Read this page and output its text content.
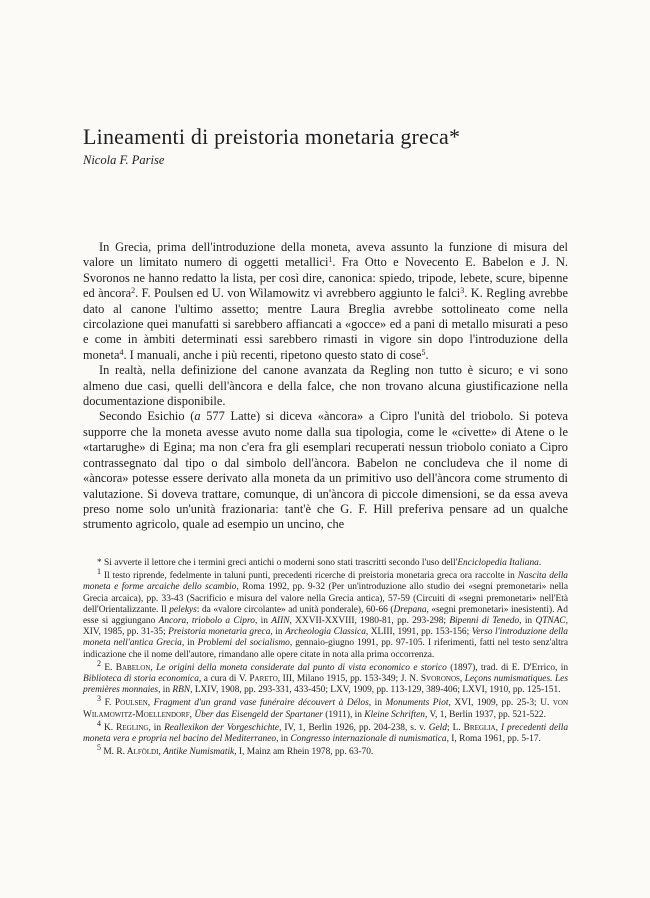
Lineamenti di preistoria monetaria greca*
Nicola F. Parise

In Grecia, prima dell'introduzione della moneta, aveva assunto la funzione di misura del valore un limitato numero di oggetti metallici$^1$. Fra Otto e Novecento E. Babelon e J. N. Svoronos ne hanno redatto la lista, per così dire, canonica: spiedo, tripode, lebete, scure, bipenne ed àncora$^2$. F. Poulsen ed U. von Wilamowitz vi avrebbero aggiunto le falci$^3$. K. Regling avrebbe dato al canone l'ultimo assetto; mentre Laura Breglia avrebbe sottolineato come nella circolazione quei manufatti si sarebbero affiancati a «gocce» ed a pani di metallo misurati a peso e come in àmbiti determinati essi sarebbero rimasti in vigore sin dopo l'introduzione della moneta$^4$. I manuali, anche i più recenti, ripetono questo stato di cose$^5$.

In realtà, nella definizione del canone avanzata da Regling non tutto è sicuro; e vi sono almeno due casi, quelli dell'àncora e della falce, che non trovano alcuna giustificazione nella documentazione disponibile.

Secondo Esichio (a 577 Latte) si diceva «àncora» a Cipro l'unità del triobolo. Si poteva supporre che la moneta avesse avuto nome dalla sua tipologia, come le «civette» di Atene o le «tartarughe» di Egina; ma non c'era fra gli esemplari recuperati nessun triobolo coniato a Cipro contrassegnato dal tipo o dal simbolo dell'àncora. Babelon ne concludeva che il nome di «àncora» potesse essere derivato alla moneta da un primitivo uso dell'àncora come strumento di valutazione. Si doveva trattare, comunque, di un'àncora di piccole dimensioni, se da essa aveva preso nome solo un'unità frazionaria: tant'è che G. F. Hill preferiva pensare ad un qualche strumento agricolo, quale ad esempio un uncino, che

* Si avverte il lettore che i termini greci antichi o moderni sono stati trascritti secondo l'uso dell'Enciclopedia Italiana.

$^1$ Il testo riprende, fedelmente in taluni punti, precedenti ricerche di preistoria monetaria greca ora raccolte in Nascita della moneta e forme arcaiche dello scambio, Roma 1992, pp. 9-32 (Per un'introduzione allo studio dei «segni premonetari» nella Grecia arcaica), pp. 33-43 (Sacrificio e misura del valore nella Grecia antica), 57-59 (Circuiti di «segni premonetari» nell'Età dell'Orientalizzante. Il pelekys: da «valore circolante» ad unità ponderale), 60-66 (Drepana, «segni premonetari» inesistenti). Ad esse si aggiungano Ancora, triobolo a Cipro, in AIIN, XXVII-XXVIII, 1980-81, pp. 293-298; Bipenni di Tenedo, in QTNAC, XIV, 1985, pp. 31-35; Preistoria monetaria greca, in Archeologia Classica, XLIII, 1991, pp. 153-156; Verso l'introduzione della moneta nell'antica Grecia, in Problemi del socialismo, gennaio-giugno 1991, pp. 97-105. I riferimenti, fatti nel testo senz'altra indicazione che il nome dell'autore, rimandano alle opere citate in nota alla prima occorrenza.

$^2$ E. Babelon, Le origini della moneta considerate dal punto di vista economico e storico (1897), trad. di E. D'Errico, in Biblioteca di storia economica, a cura di V. Pareto, III, Milano 1915, pp. 153-349; J. N. Svoronos, Leçons numismatiques. Les premières monnaies, in RBN, LXIV, 1908, pp. 293-331, 433-450; LXV, 1909, pp. 113-129, 389-406; LXVI, 1910, pp. 125-151.

$^3$ F. Poulsen, Fragment d'un grand vase funéraire découvert à Délos, in Monuments Piot, XVI, 1909, pp. 25-3; U. von Wilamowitz-Moellendorf, Über das Eisengeld der Spartaner (1911), in Kleine Schriften, V, 1, Berlin 1937, pp. 521-522.

$^4$ K. Regling, in Reallexikon der Vorgeschichte, IV, 1, Berlin 1926, pp. 204-238, s. v. Geld; L. Breglia, I precedenti della moneta vera e propria nel bacino del Mediterraneo, in Congresso internazionale di numismatica, I, Roma 1961, pp. 5-17.

$^5$ M. R. Alföldi, Antike Numismatik, I, Mainz am Rhein 1978, pp. 63-70.
